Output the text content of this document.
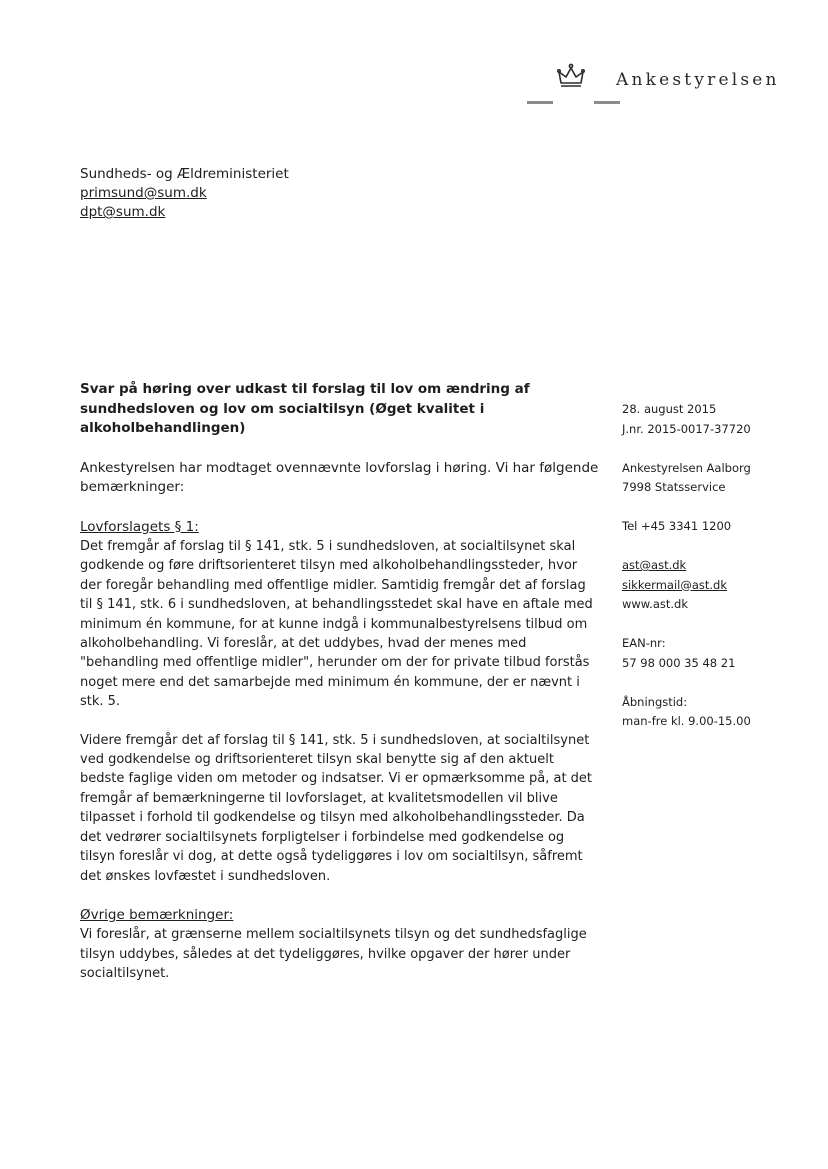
Ankestyrelsen
Sundheds- og Ældreministeriet
primsund@sum.dk
dpt@sum.dk

Svar på høring over udkast til forslag til lov om ændring af sundhedsloven og lov om socialtilsyn (Øget kvalitet i alkoholbehandlingen)

Ankestyrelsen har modtaget ovennævnte lovforslag i høring. Vi har følgende bemærkninger:

Lovforslagets § 1:

Det fremgår af forslag til § 141, stk. 5 i sundhedsloven, at socialtilsynet skal godkende og føre driftsorienteret tilsyn med alkoholbehandlingssteder, hvor der foregår behandling med offentlige midler. Samtidig fremgår det af forslag til § 141, stk. 6 i sundhedsloven, at behandlingsstedet skal have en aftale med minimum én kommune, for at kunne indgå i kommunalbestyrelsens tilbud om alkoholbehandling. Vi foreslår, at det uddybes, hvad der menes med "behandling med offentlige midler", herunder om der for private tilbud forstås noget mere end det samarbejde med minimum én kommune, der er nævnt i stk. 5.

Videre fremgår det af forslag til § 141, stk. 5 i sundhedsloven, at socialtilsynet ved godkendelse og driftsorienteret tilsyn skal benytte sig af den aktuelt bedste faglige viden om metoder og indsatser. Vi er opmærksomme på, at det fremgår af bemærkningerne til lovforslaget, at kvalitetsmodellen vil blive tilpasset i forhold til godkendelse og tilsyn med alkoholbehandlingssteder. Da det vedrører socialtilsynets forpligtelser i forbindelse med godkendelse og tilsyn foreslår vi dog, at dette også tydeliggøres i lov om socialtilsyn, såfremt det ønskes lovfæstet i sundhedsloven.

Øvrige bemærkninger:

Vi foreslår, at grænserne mellem socialtilsynets tilsyn og det sundhedsfaglige tilsyn uddybes, således at det tydeliggøres, hvilke opgaver der hører under socialtilsynet.

28. august 2015
J.nr. 2015-0017-37720
Ankestyrelsen Aalborg
7998 Statsservice
Tel +45 3341 1200
ast@ast.dk
sikkermail@ast.dk
www.ast.dk
EAN-nr:
57 98 000 35 48 21
Åbningstid:
man-fre kl. 9.00-15.00
